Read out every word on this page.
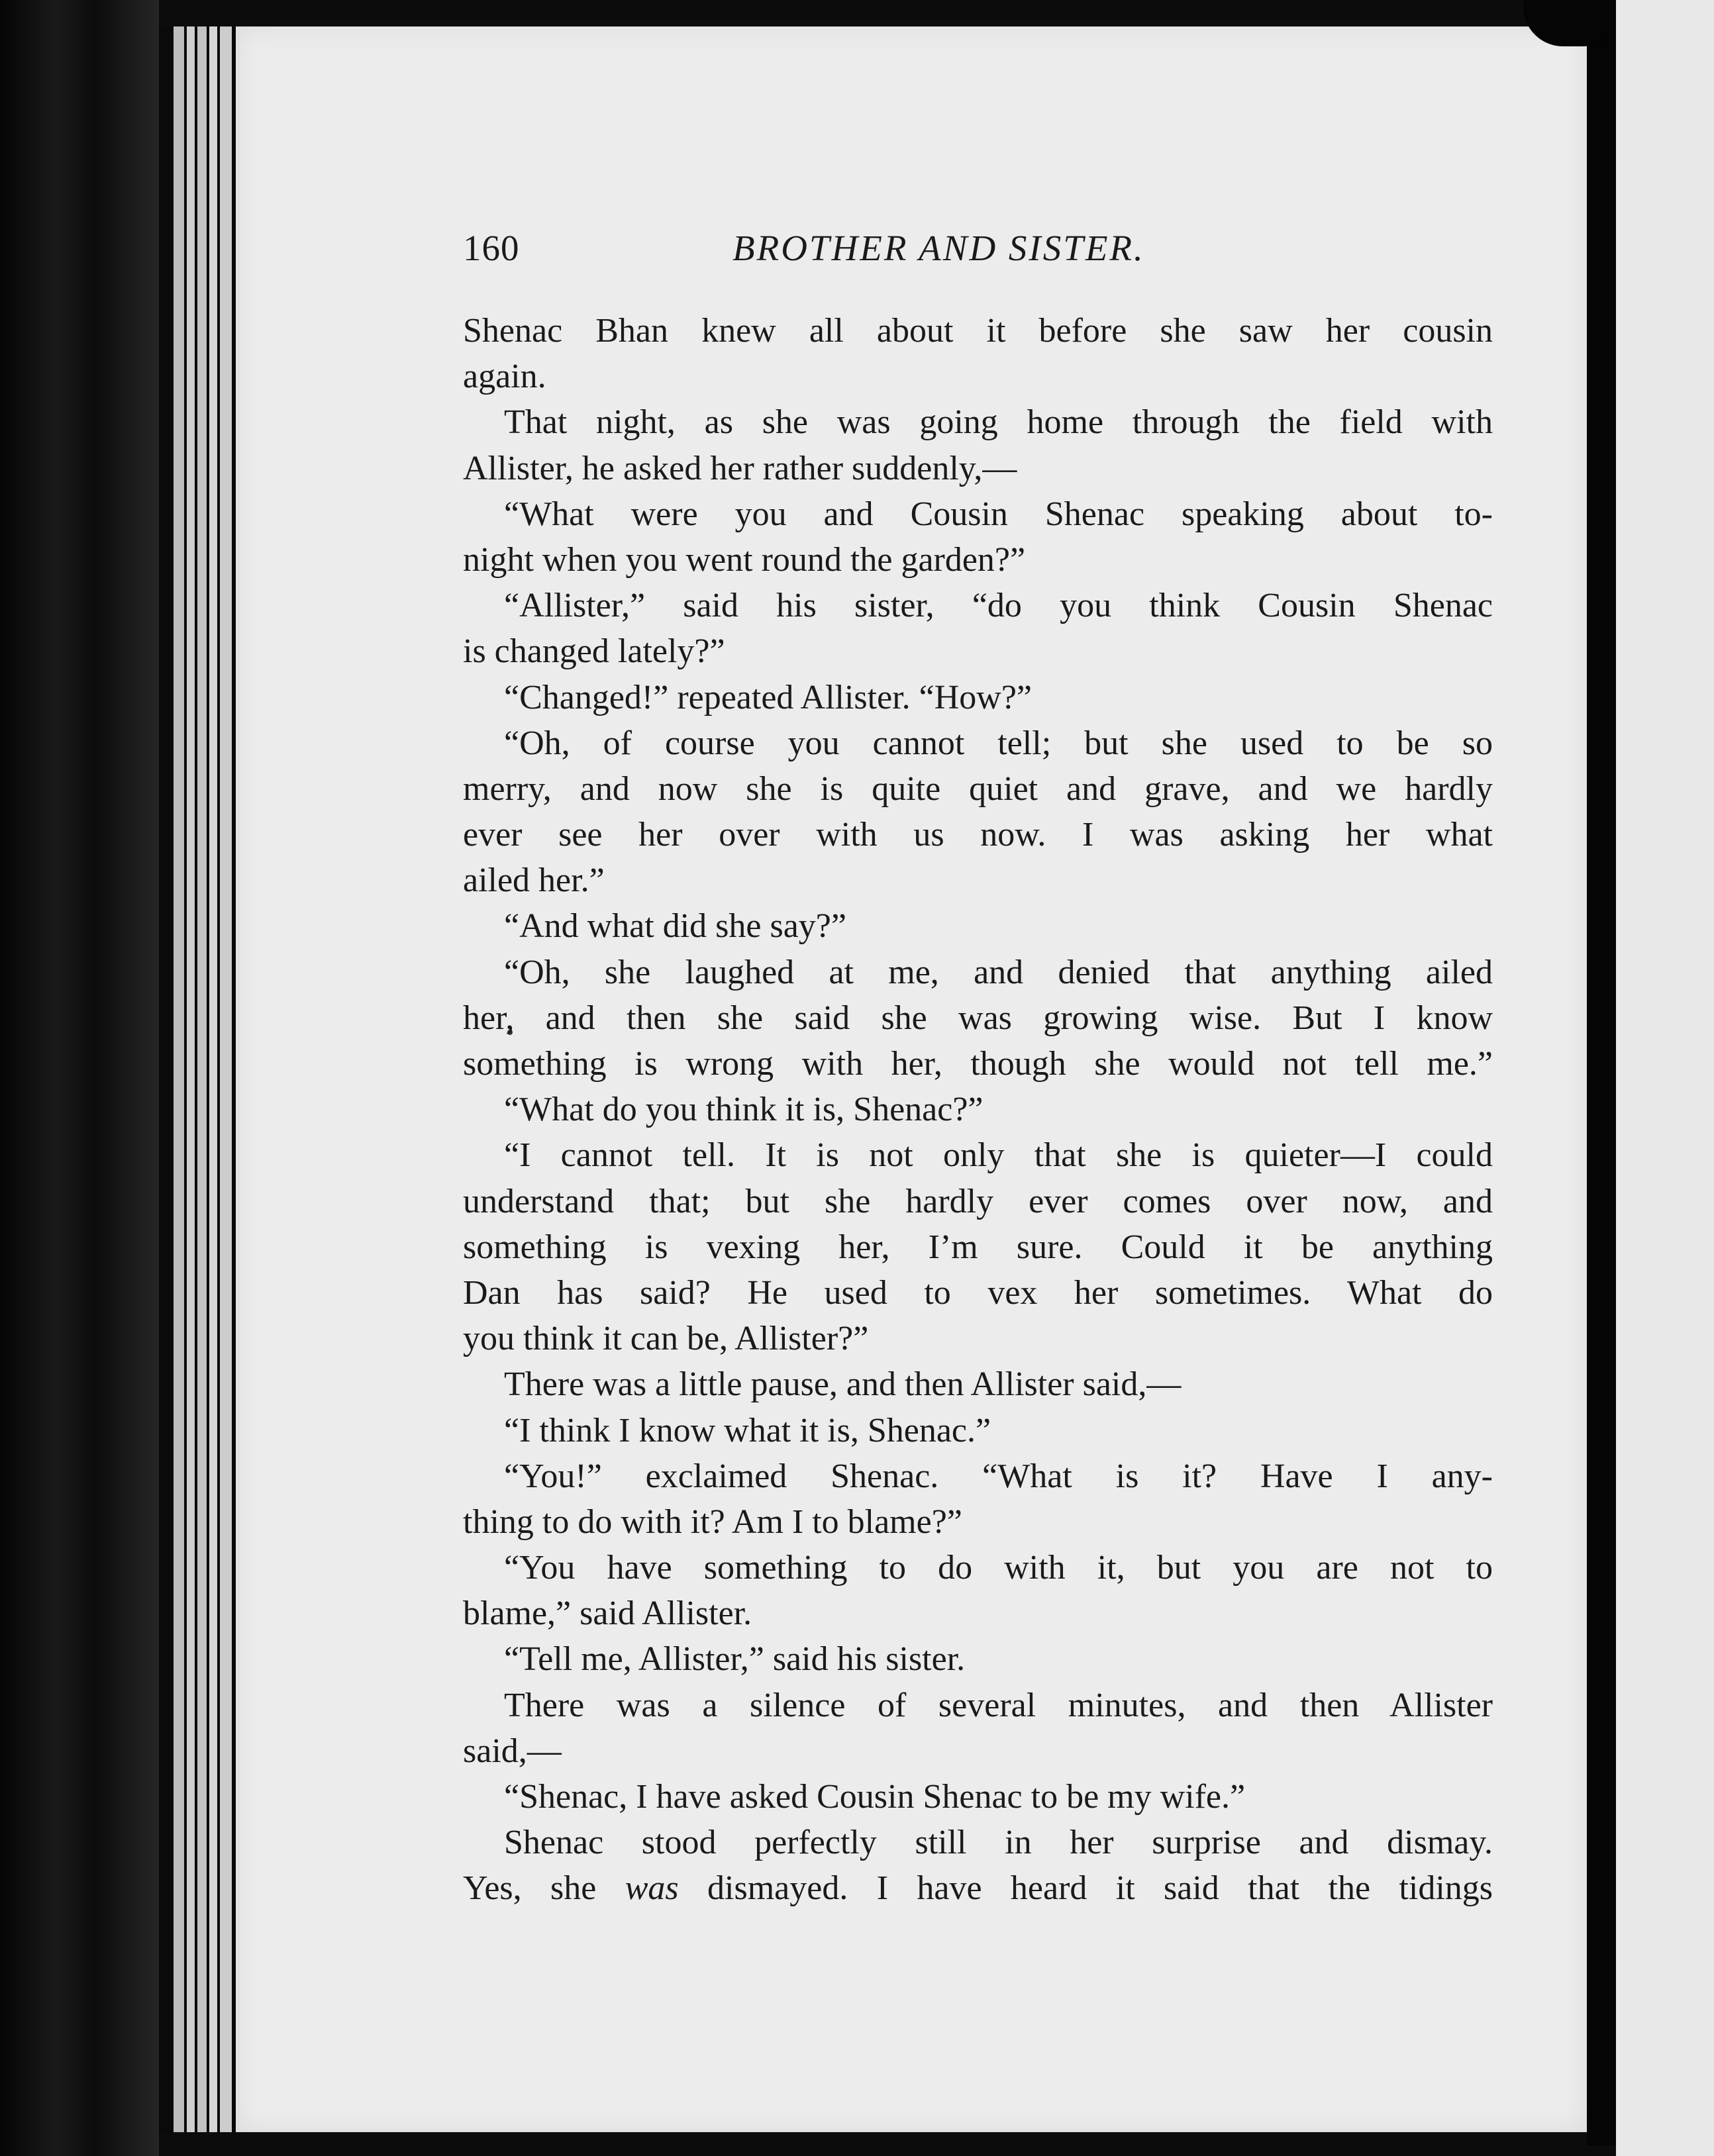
160	BROTHER AND SISTER.
Shenac Bhan knew all about it before she saw her cousin
again.
That night, as she was going home through the field with
Allister, he asked her rather suddenly,—
“What were you and Cousin Shenac speaking about to-
night when you went round the garden?”
“Allister,” said his sister, “do you think Cousin Shenac
is changed lately?”
“Changed!” repeated Allister. “How?”
“Oh, of course you cannot tell; but she used to be so
merry, and now she is quite quiet and grave, and we hardly
ever see her over with us now. I was asking her what
ailed her.”
“And what did she say?”
“Oh, she laughed at me, and denied that anything ailed
her, and then she said she was growing wise. But I know
something is wrong with her, though she would not tell me.”
“What do you think it is, Shenac?”
“I cannot tell. It is not only that she is quieter—I could
understand that; but she hardly ever comes over now, and
something is vexing her, I’m sure. Could it be anything
Dan has said? He used to vex her sometimes. What do
you think it can be, Allister?”
There was a little pause, and then Allister said,—
“I think I know what it is, Shenac.”
“You!” exclaimed Shenac. “What is it? Have I any-
thing to do with it? Am I to blame?”
“You have something to do with it, but you are not to
blame,” said Allister.
“Tell me, Allister,” said his sister.
There was a silence of several minutes, and then Allister
said,—
“Shenac, I have asked Cousin Shenac to be my wife.”
Shenac stood perfectly still in her surprise and dismay.
Yes, she was dismayed. I have heard it said that the tidings
